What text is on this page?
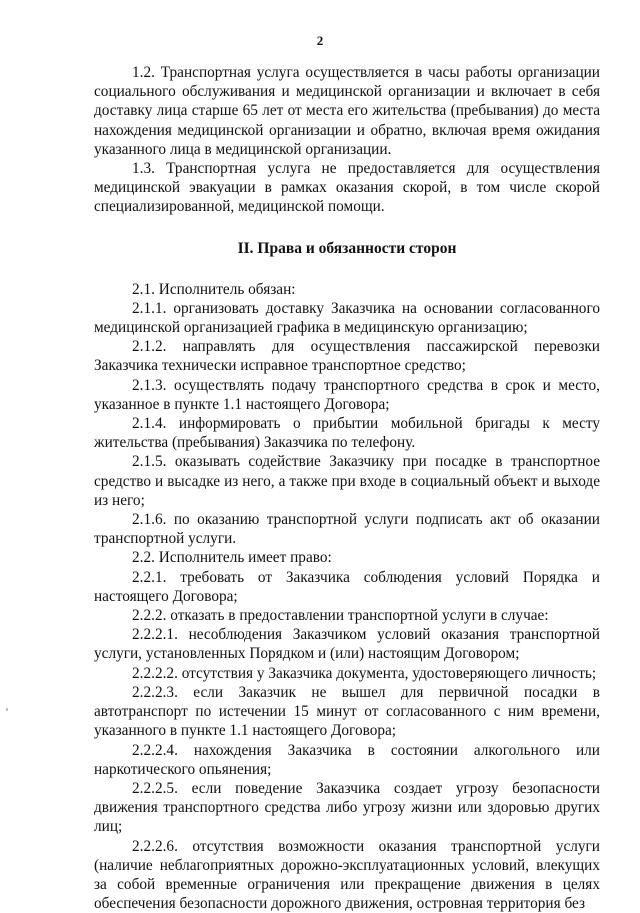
2

1.2. Транспортная услуга осуществляется в часы работы организации социального обслуживания и медицинской организации и включает в себя доставку лица старше 65 лет от места его жительства (пребывания) до места нахождения медицинской организации и обратно, включая время ожидания указанного лица в медицинской организации.

1.3. Транспортная услуга не предоставляется для осуществления медицинской эвакуации в рамках оказания скорой, в том числе скорой специализированной, медицинской помощи.

II. Права и обязанности сторон

2.1. Исполнитель обязан:

2.1.1. организовать доставку Заказчика на основании согласованного медицинской организацией графика в медицинскую организацию;

2.1.2. направлять для осуществления пассажирской перевозки Заказчика технически исправное транспортное средство;

2.1.3. осуществлять подачу транспортного средства в срок и место, указанное в пункте 1.1 настоящего Договора;

2.1.4. информировать о прибытии мобильной бригады к месту жительства (пребывания) Заказчика по телефону.

2.1.5. оказывать содействие Заказчику при посадке в транспортное средство и высадке из него, а также при входе в социальный объект и выходе из него;

2.1.6. по оказанию транспортной услуги подписать акт об оказании транспортной услуги.

2.2. Исполнитель имеет право:

2.2.1. требовать от Заказчика соблюдения условий Порядка и настоящего Договора;

2.2.2. отказать в предоставлении транспортной услуги в случае:

2.2.2.1. несоблюдения Заказчиком условий оказания транспортной услуги, установленных Порядком и (или) настоящим Договором;

2.2.2.2. отсутствия у Заказчика документа, удостоверяющего личность;

2.2.2.3. если Заказчик не вышел для первичной посадки в автотранспорт по истечении 15 минут от согласованного с ним времени, указанного в пункте 1.1 настоящего Договора;

2.2.2.4. нахождения Заказчика в состоянии алкогольного или наркотического опьянения;

2.2.2.5. если поведение Заказчика создает угрозу безопасности движения транспортного средства либо угрозу жизни или здоровью других лиц;

2.2.2.6. отсутствия возможности оказания транспортной услуги (наличие неблагоприятных дорожно-эксплуатационных условий, влекущих за собой временные ограничения или прекращение движения в целях обеспечения безопасности дорожного движения, островная территория без
